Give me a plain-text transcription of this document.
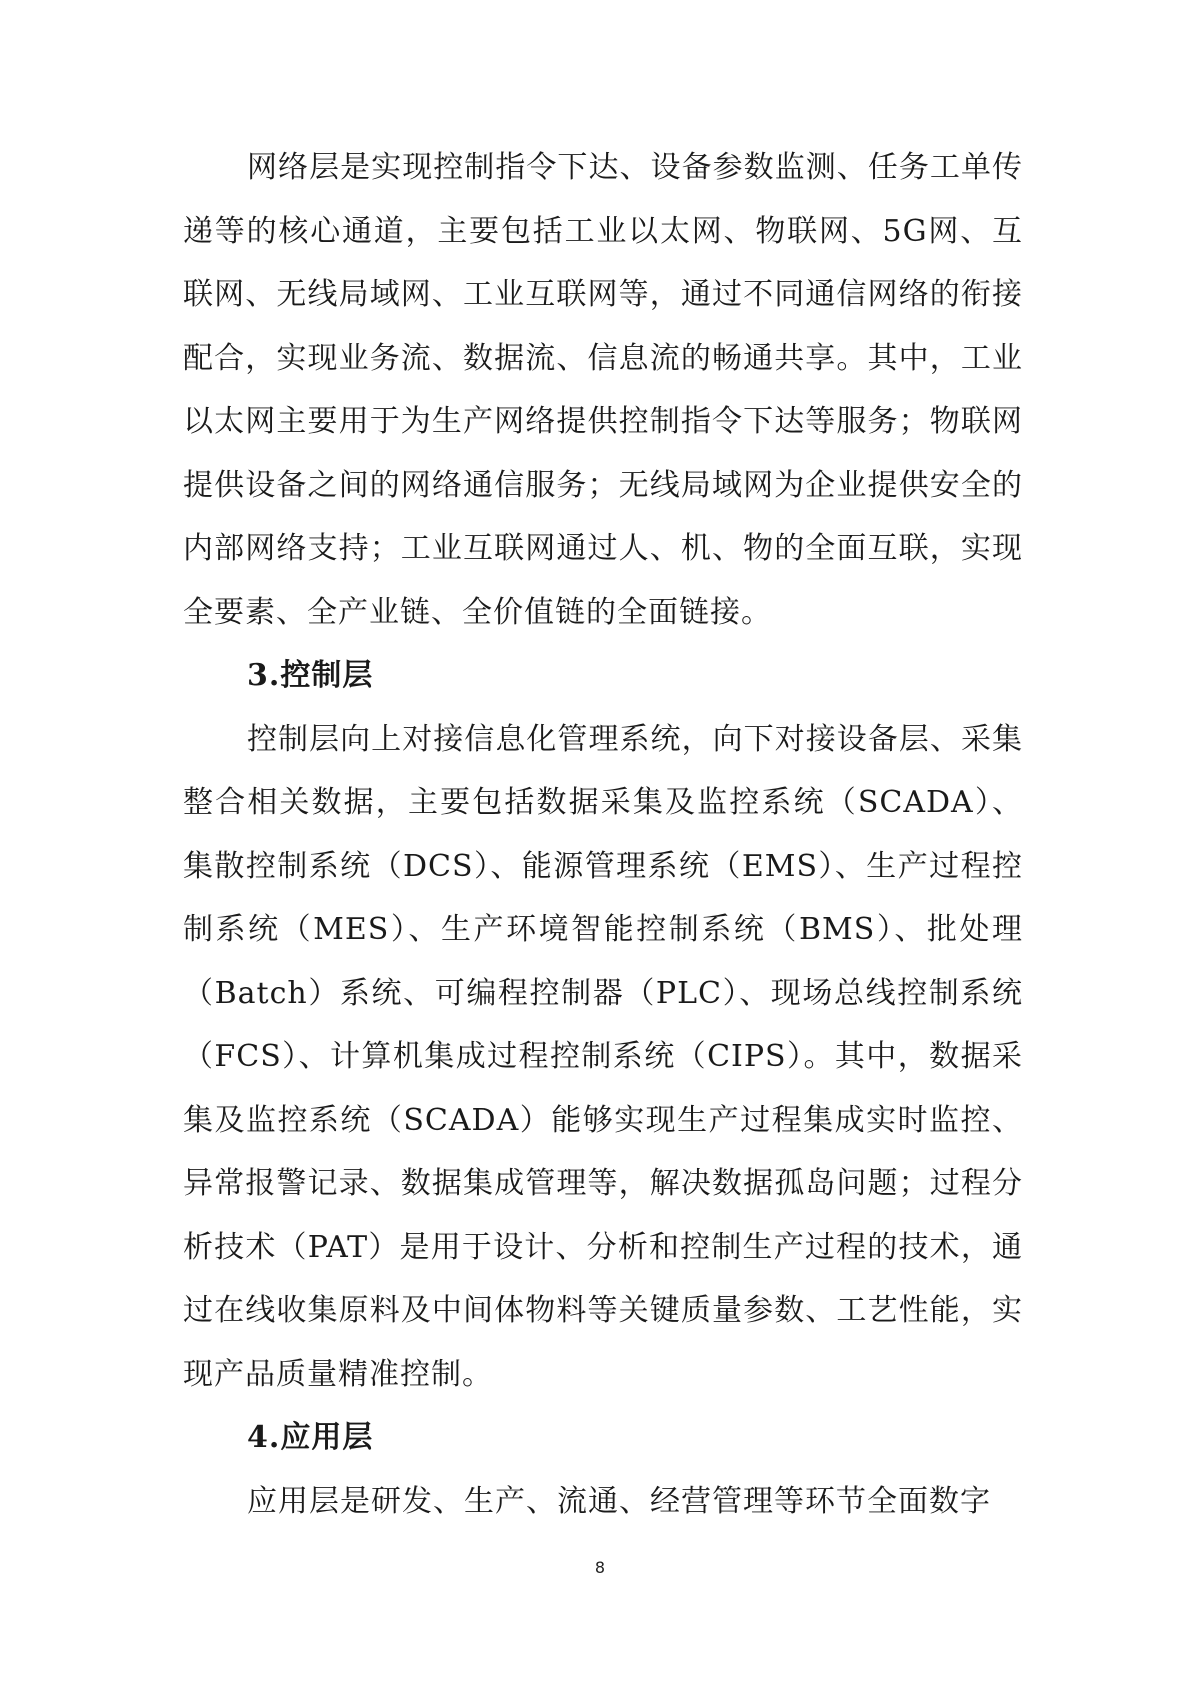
网络层是实现控制指令下达、设备参数监测、任务工单传递等的核心通道，主要包括工业以太网、物联网、5G网、互联网、无线局域网、工业互联网等，通过不同通信网络的衔接配合，实现业务流、数据流、信息流的畅通共享。其中，工业以太网主要用于为生产网络提供控制指令下达等服务；物联网提供设备之间的网络通信服务；无线局域网为企业提供安全的内部网络支持；工业互联网通过人、机、物的全面互联，实现全要素、全产业链、全价值链的全面链接。

3.控制层

控制层向上对接信息化管理系统，向下对接设备层、采集整合相关数据，主要包括数据采集及监控系统（SCADA）、集散控制系统（DCS）、能源管理系统（EMS）、生产过程控制系统（MES）、生产环境智能控制系统（BMS）、批处理（Batch）系统、可编程控制器（PLC）、现场总线控制系统（FCS）、计算机集成过程控制系统（CIPS）。其中，数据采集及监控系统（SCADA）能够实现生产过程集成实时监控、异常报警记录、数据集成管理等，解决数据孤岛问题；过程分析技术（PAT）是用于设计、分析和控制生产过程的技术，通过在线收集原料及中间体物料等关键质量参数、工艺性能，实现产品质量精准控制。

4.应用层

应用层是研发、生产、流通、经营管理等环节全面数字

8
